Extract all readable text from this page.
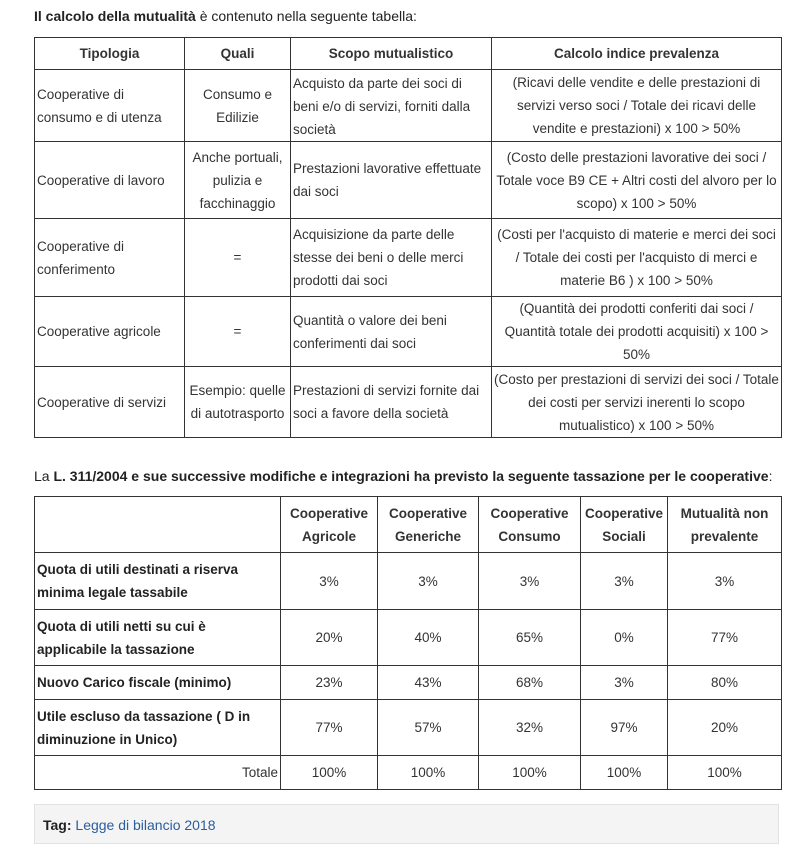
Il calcolo della mutualità è contenuto nella seguente tabella:
Tipologia	Quali	Scopo mutualistico	Calcolo indice prevalenza
Cooperative di consumo e di utenza	Consumo e Edilizie	Acquisto da parte dei soci di beni e/o di servizi, forniti dalla società	(Ricavi delle vendite e delle prestazioni di servizi verso soci / Totale dei ricavi delle vendite e prestazioni) x 100 > 50%
Cooperative di lavoro	Anche portuali, pulizia e facchinaggio	Prestazioni lavorative effettuate dai soci	(Costo delle prestazioni lavorative dei soci / Totale voce B9 CE + Altri costi del alvoro per lo scopo) x 100 > 50%
Cooperative di conferimento	=	Acquisizione da parte delle stesse dei beni o delle merci prodotti dai soci	(Costi per l'acquisto di materie e merci dei soci / Totale dei costi per l'acquisto di merci e materie B6 ) x 100 > 50%
Cooperative agricole	=	Quantità o valore dei beni conferimenti dai soci	(Quantità dei prodotti conferiti dai soci / Quantità totale dei prodotti acquisiti) x 100 > 50%
Cooperative di servizi	Esempio: quelle di autotrasporto	Prestazioni di servizi fornite dai soci a favore della società	(Costo per prestazioni di servizi dei soci / Totale dei costi per servizi inerenti lo scopo mutualistico) x 100 > 50%
La L. 311/2004 e sue successive modifiche e integrazioni ha previsto la seguente tassazione per le cooperative:
	Cooperative Agricole	Cooperative Generiche	Cooperative Consumo	Cooperative Sociali	Mutualità non prevalente
Quota di utili destinati a riserva minima legale tassabile	3%	3%	3%	3%	3%
Quota di utili netti su cui è applicabile la tassazione	20%	40%	65%	0%	77%
Nuovo Carico fiscale (minimo)	23%	43%	68%	3%	80%
Utile escluso da tassazione ( D in diminuzione in Unico)	77%	57%	32%	97%	20%
Totale	100%	100%	100%	100%	100%
Tag: Legge di bilancio 2018
